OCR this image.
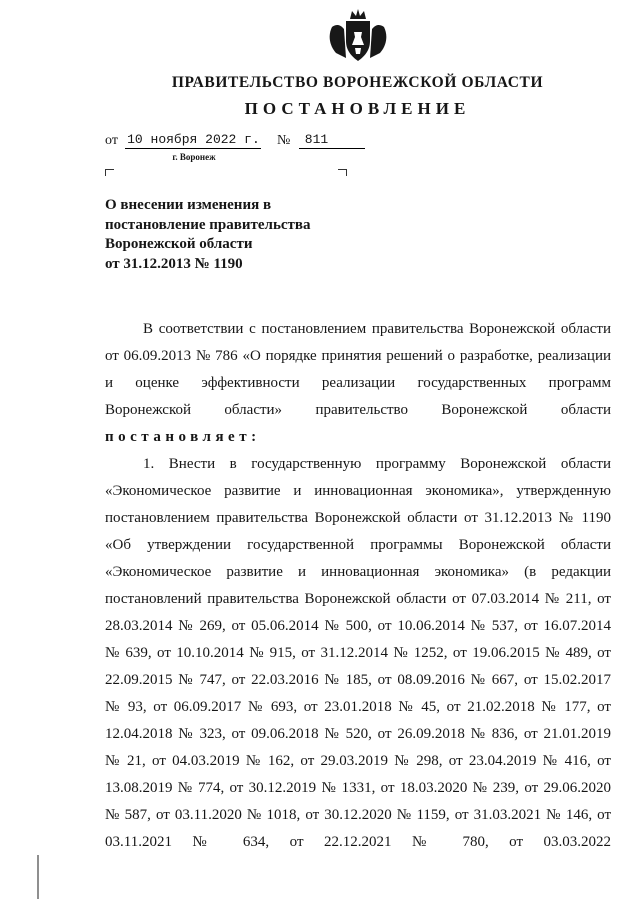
ПРАВИТЕЛЬСТВО ВОРОНЕЖСКОЙ ОБЛАСТИ
ПОСТАНОВЛЕНИЕ
от 10 ноября 2022 г. № 811
г. Воронеж
О внесении изменения в
постановление правительства
Воронежской области
от 31.12.2013 № 1190

В соответствии с постановлением правительства Воронежской области от 06.09.2013 № 786 «О порядке принятия решений о разработке, реализации и оценке эффективности реализации государственных программ Воронежской области» правительство Воронежской области

постановляет:

1. Внести в государственную программу Воронежской области «Экономическое развитие и инновационная экономика», утвержденную постановлением правительства Воронежской области от 31.12.2013 № 1190 «Об утверждении государственной программы Воронежской области «Экономическое развитие и инновационная экономика» (в редакции постановлений правительства Воронежской области от 07.03.2014 № 211, от 28.03.2014 № 269, от 05.06.2014 № 500, от 10.06.2014 № 537, от 16.07.2014 № 639, от 10.10.2014 № 915, от 31.12.2014 № 1252, от 19.06.2015 № 489, от 22.09.2015 № 747, от 22.03.2016 № 185, от 08.09.2016 № 667, от 15.02.2017 № 93, от 06.09.2017 № 693, от 23.01.2018 № 45, от 21.02.2018 № 177, от 12.04.2018 № 323, от 09.06.2018 № 520, от 26.09.2018 № 836, от 21.01.2019 № 21, от 04.03.2019 № 162, от 29.03.2019 № 298, от 23.04.2019 № 416, от 13.08.2019 № 774, от 30.12.2019 № 1331, от 18.03.2020 № 239, от 29.06.2020 № 587, от 03.11.2020 № 1018, от 30.12.2020 № 1159, от 31.03.2021 № 146, от 03.11.2021 № 634, от 22.12.2021 № 780, от 03.03.2022
